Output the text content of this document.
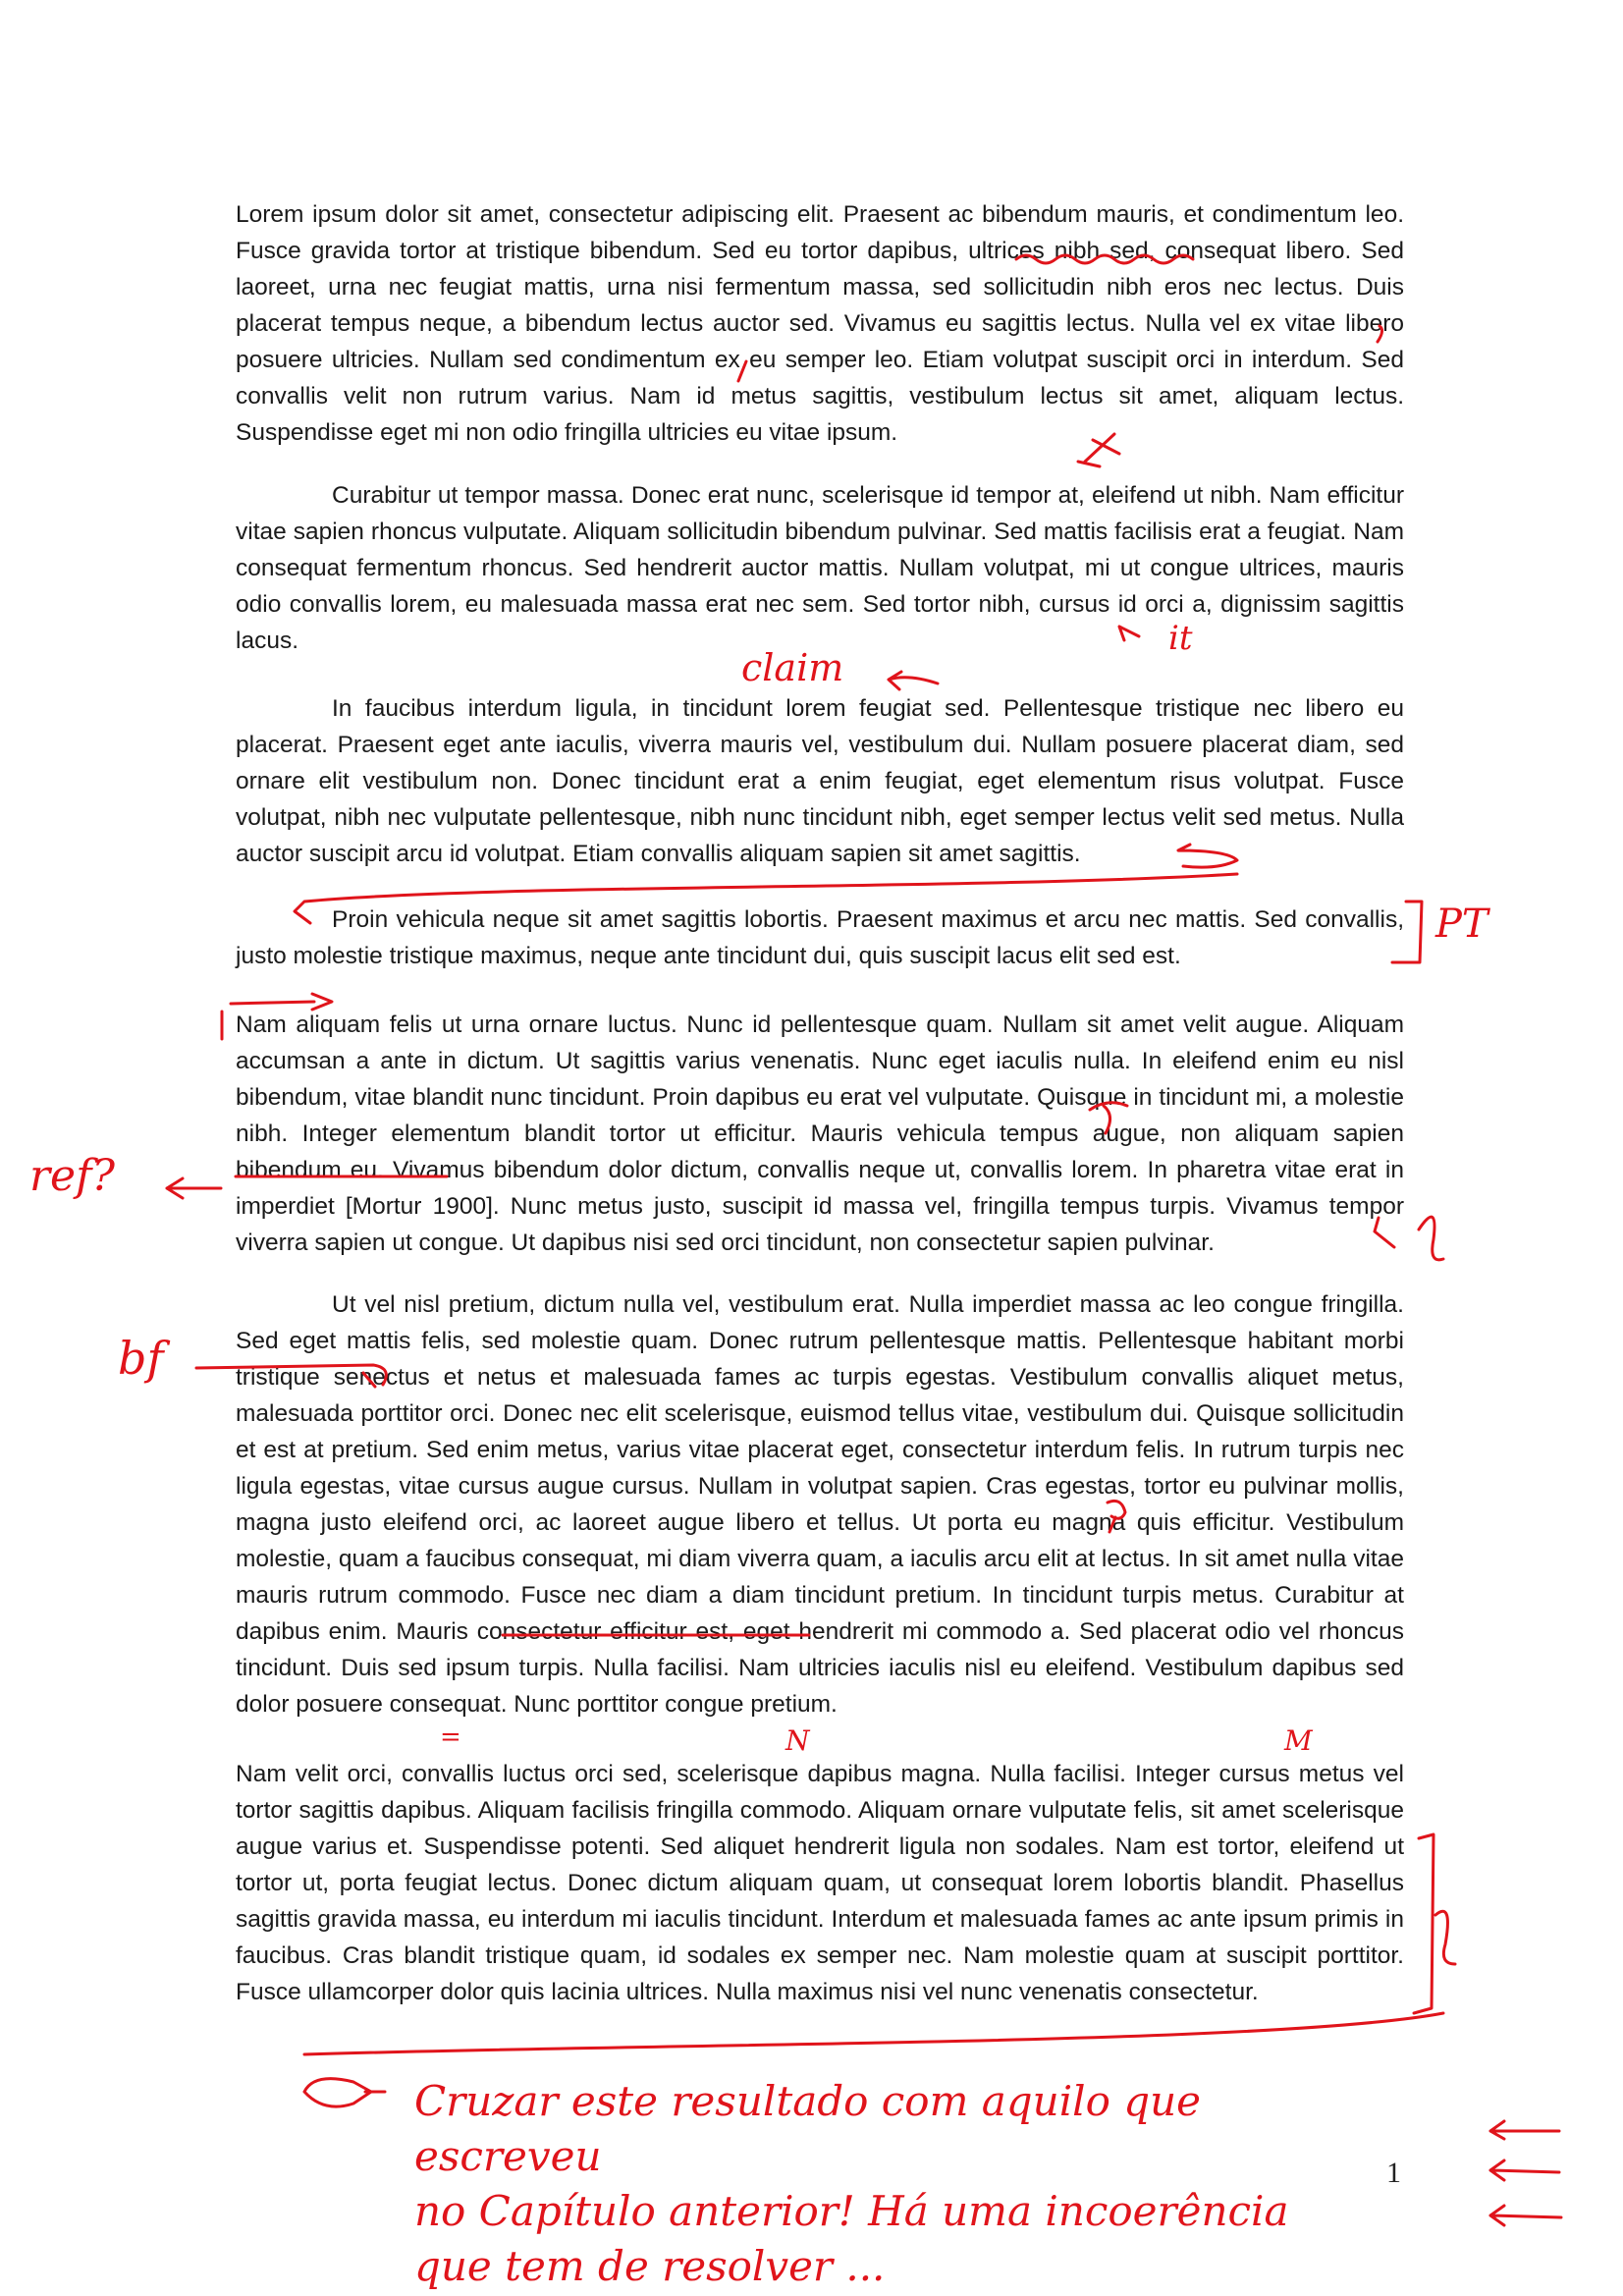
Lorem ipsum dolor sit amet, consectetur adipiscing elit. Praesent ac bibendum mauris, et condimentum leo. Fusce gravida tortor at tristique bibendum. Sed eu tortor dapibus, ultrices nibh sed, consequat libero. Sed laoreet, urna nec feugiat mattis, urna nisi fermentum massa, sed sollicitudin nibh eros nec lectus. Duis placerat tempus neque, a bibendum lectus auctor sed. Vivamus eu sagittis lectus. Nulla vel ex vitae libero posuere ultricies. Nullam sed condimentum ex eu semper leo. Etiam volutpat suscipit orci in interdum. Sed convallis velit non rutrum varius. Nam id metus sagittis, vestibulum lectus sit amet, aliquam lectus. Suspendisse eget mi non odio fringilla ultricies eu vitae ipsum.

Curabitur ut tempor massa. Donec erat nunc, scelerisque id tempor at, eleifend ut nibh. Nam efficitur vitae sapien rhoncus vulputate. Aliquam sollicitudin bibendum pulvinar. Sed mattis facilisis erat a feugiat. Nam consequat fermentum rhoncus. Sed hendrerit auctor mattis. Nullam volutpat, mi ut congue ultrices, mauris odio convallis lorem, eu malesuada massa erat nec sem. Sed tortor nibh, cursus id orci a, dignissim sagittis lacus.

In faucibus interdum ligula, in tincidunt lorem feugiat sed. Pellentesque tristique nec libero eu placerat. Praesent eget ante iaculis, viverra mauris vel, vestibulum dui. Nullam posuere placerat diam, sed ornare elit vestibulum non. Donec tincidunt erat a enim feugiat, eget elementum risus volutpat. Fusce volutpat, nibh nec vulputate pellentesque, nibh nunc tincidunt nibh, eget semper lectus velit sed metus. Nulla auctor suscipit arcu id volutpat. Etiam convallis aliquam sapien sit amet sagittis.

Proin vehicula neque sit amet sagittis lobortis. Praesent maximus et arcu nec mattis. Sed convallis, justo molestie tristique maximus, neque ante tincidunt dui, quis suscipit lacus elit sed est.

Nam aliquam felis ut urna ornare luctus. Nunc id pellentesque quam. Nullam sit amet velit augue. Aliquam accumsan a ante in dictum. Ut sagittis varius venenatis. Nunc eget iaculis nulla. In eleifend enim eu nisl bibendum, vitae blandit nunc tincidunt. Proin dapibus eu erat vel vulputate. Quisque in tincidunt mi, a molestie nibh. Integer elementum blandit tortor ut efficitur. Mauris vehicula tempus augue, non aliquam sapien bibendum eu. Vivamus bibendum dolor dictum, convallis neque ut, convallis lorem. In pharetra vitae erat in imperdiet [Mortur 1900]. Nunc metus justo, suscipit id massa vel, fringilla tempus turpis. Vivamus tempor viverra sapien ut congue. Ut dapibus nisi sed orci tincidunt, non consectetur sapien pulvinar.

Ut vel nisl pretium, dictum nulla vel, vestibulum erat. Nulla imperdiet massa ac leo congue fringilla. Sed eget mattis felis, sed molestie quam. Donec rutrum pellentesque mattis. Pellentesque habitant morbi tristique senectus et netus et malesuada fames ac turpis egestas. Vestibulum convallis aliquet metus, malesuada porttitor orci. Donec nec elit scelerisque, euismod tellus vitae, vestibulum dui. Quisque sollicitudin et est at pretium. Sed enim metus, varius vitae placerat eget, consectetur interdum felis. In rutrum turpis nec ligula egestas, vitae cursus augue cursus. Nullam in volutpat sapien. Cras egestas, tortor eu pulvinar mollis, magna justo eleifend orci, ac laoreet augue libero et tellus. Ut porta eu magna quis efficitur. Vestibulum molestie, quam a faucibus consequat, mi diam viverra quam, a iaculis arcu elit at lectus. In sit amet nulla vitae mauris rutrum commodo. Fusce nec diam a diam tincidunt pretium. In tincidunt turpis metus. Curabitur at dapibus enim. Mauris consectetur efficitur est, eget hendrerit mi commodo a. Sed placerat odio vel rhoncus tincidunt. Duis sed ipsum turpis. Nulla facilisi. Nam ultricies iaculis nisl eu eleifend. Vestibulum dapibus sed dolor posuere consequat. Nunc porttitor congue pretium.

Nam velit orci, convallis luctus orci sed, scelerisque dapibus magna. Nulla facilisi. Integer cursus metus vel tortor sagittis dapibus. Aliquam facilisis fringilla commodo. Aliquam ornare vulputate felis, sit amet scelerisque augue varius et. Suspendisse potenti. Sed aliquet hendrerit ligula non sodales. Nam est tortor, eleifend ut tortor ut, porta feugiat lectus. Donec dictum aliquam quam, ut consequat lorem lobortis blandit. Phasellus sagittis gravida massa, eu interdum mi iaculis tincidunt. Interdum et malesuada fames ac ante ipsum primis in faucibus. Cras blandit tristique quam, id sodales ex semper nec. Nam molestie quam at suscipit porttitor. Fusce ullamcorper dolor quis lacinia ultrices. Nulla maximus nisi vel nunc venenatis consectetur.

1
claim
it
PT
ref?
bf
=	N	M
Cruzar este resultado com aquilo que escreveu
no Capítulo anterior! Há uma incoerência
que tem de resolver ...
